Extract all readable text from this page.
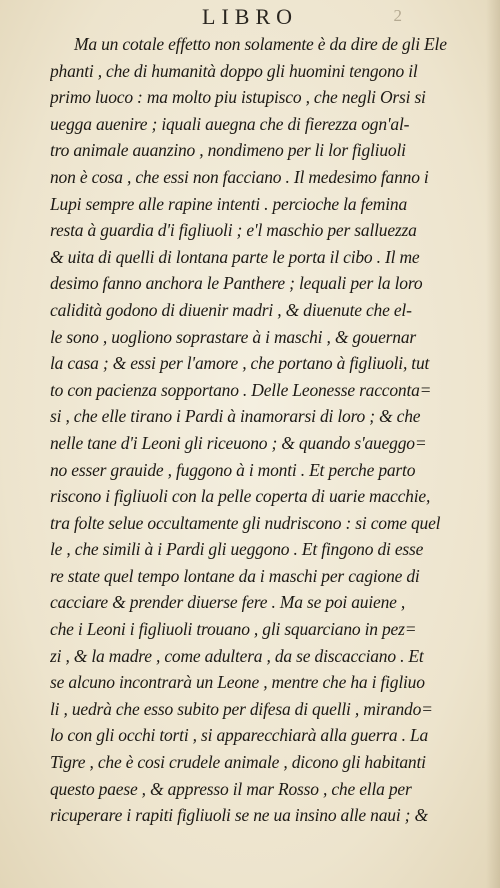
LIBRO	2
Ma un cotale effetto non solamente è da dire de gli Ele
phanti , che di humanità doppo gli huomini tengono il
primo luoco : ma molto piu istupisco , che negli Orsi si
uegga auenire ; iquali auegna che di fierezza ogn'al-
tro animale auanzino , nondimeno per li lor figliuoli
non è cosa , che essi non facciano . Il medesimo fanno i
Lupi sempre alle rapine intenti . percioche la femina
resta à guardia d'i figliuoli ; e'l maschio per salluezza
& uita di quelli di lontana parte le porta il cibo . Il me
desimo fanno anchora le Panthere ; lequali per la loro
calidità godono di diuenir madri , & diuenute che el-
le sono , uogliono soprastare à i maschi , & gouernar
la casa ; & essi per l'amore , che portano à figliuoli, tut
to con pacienza sopportano . Delle Leonesse racconta=
si , che elle tirano i Pardi à inamorarsi di loro ; & che
nelle tane d'i Leoni gli riceuono ; & quando s'aueggo=
no esser grauide , fuggono à i monti . Et perche parto
riscono i figliuoli con la pelle coperta di uarie macchie,
tra folte selue occultamente gli nudriscono : si come quel
le , che simili à i Pardi gli ueggono . Et fingono di esse
re state quel tempo lontane da i maschi per cagione di
cacciare & prender diuerse fere . Ma se poi auiene ,
che i Leoni i figliuoli trouano , gli squarciano in pez=
zi , & la madre , come adultera , da se discacciano . Et
se alcuno incontrarà un Leone , mentre che ha i figliuo
li , uedrà che esso subito per difesa di quelli , mirando=
lo con gli occhi torti , si apparecchiarà alla guerra . La
Tigre , che è cosi crudele animale , dicono gli habitanti
questo paese , & appresso il mar Rosso , che ella per
ricuperare i rapiti figliuoli se ne ua insino alle naui ; &
